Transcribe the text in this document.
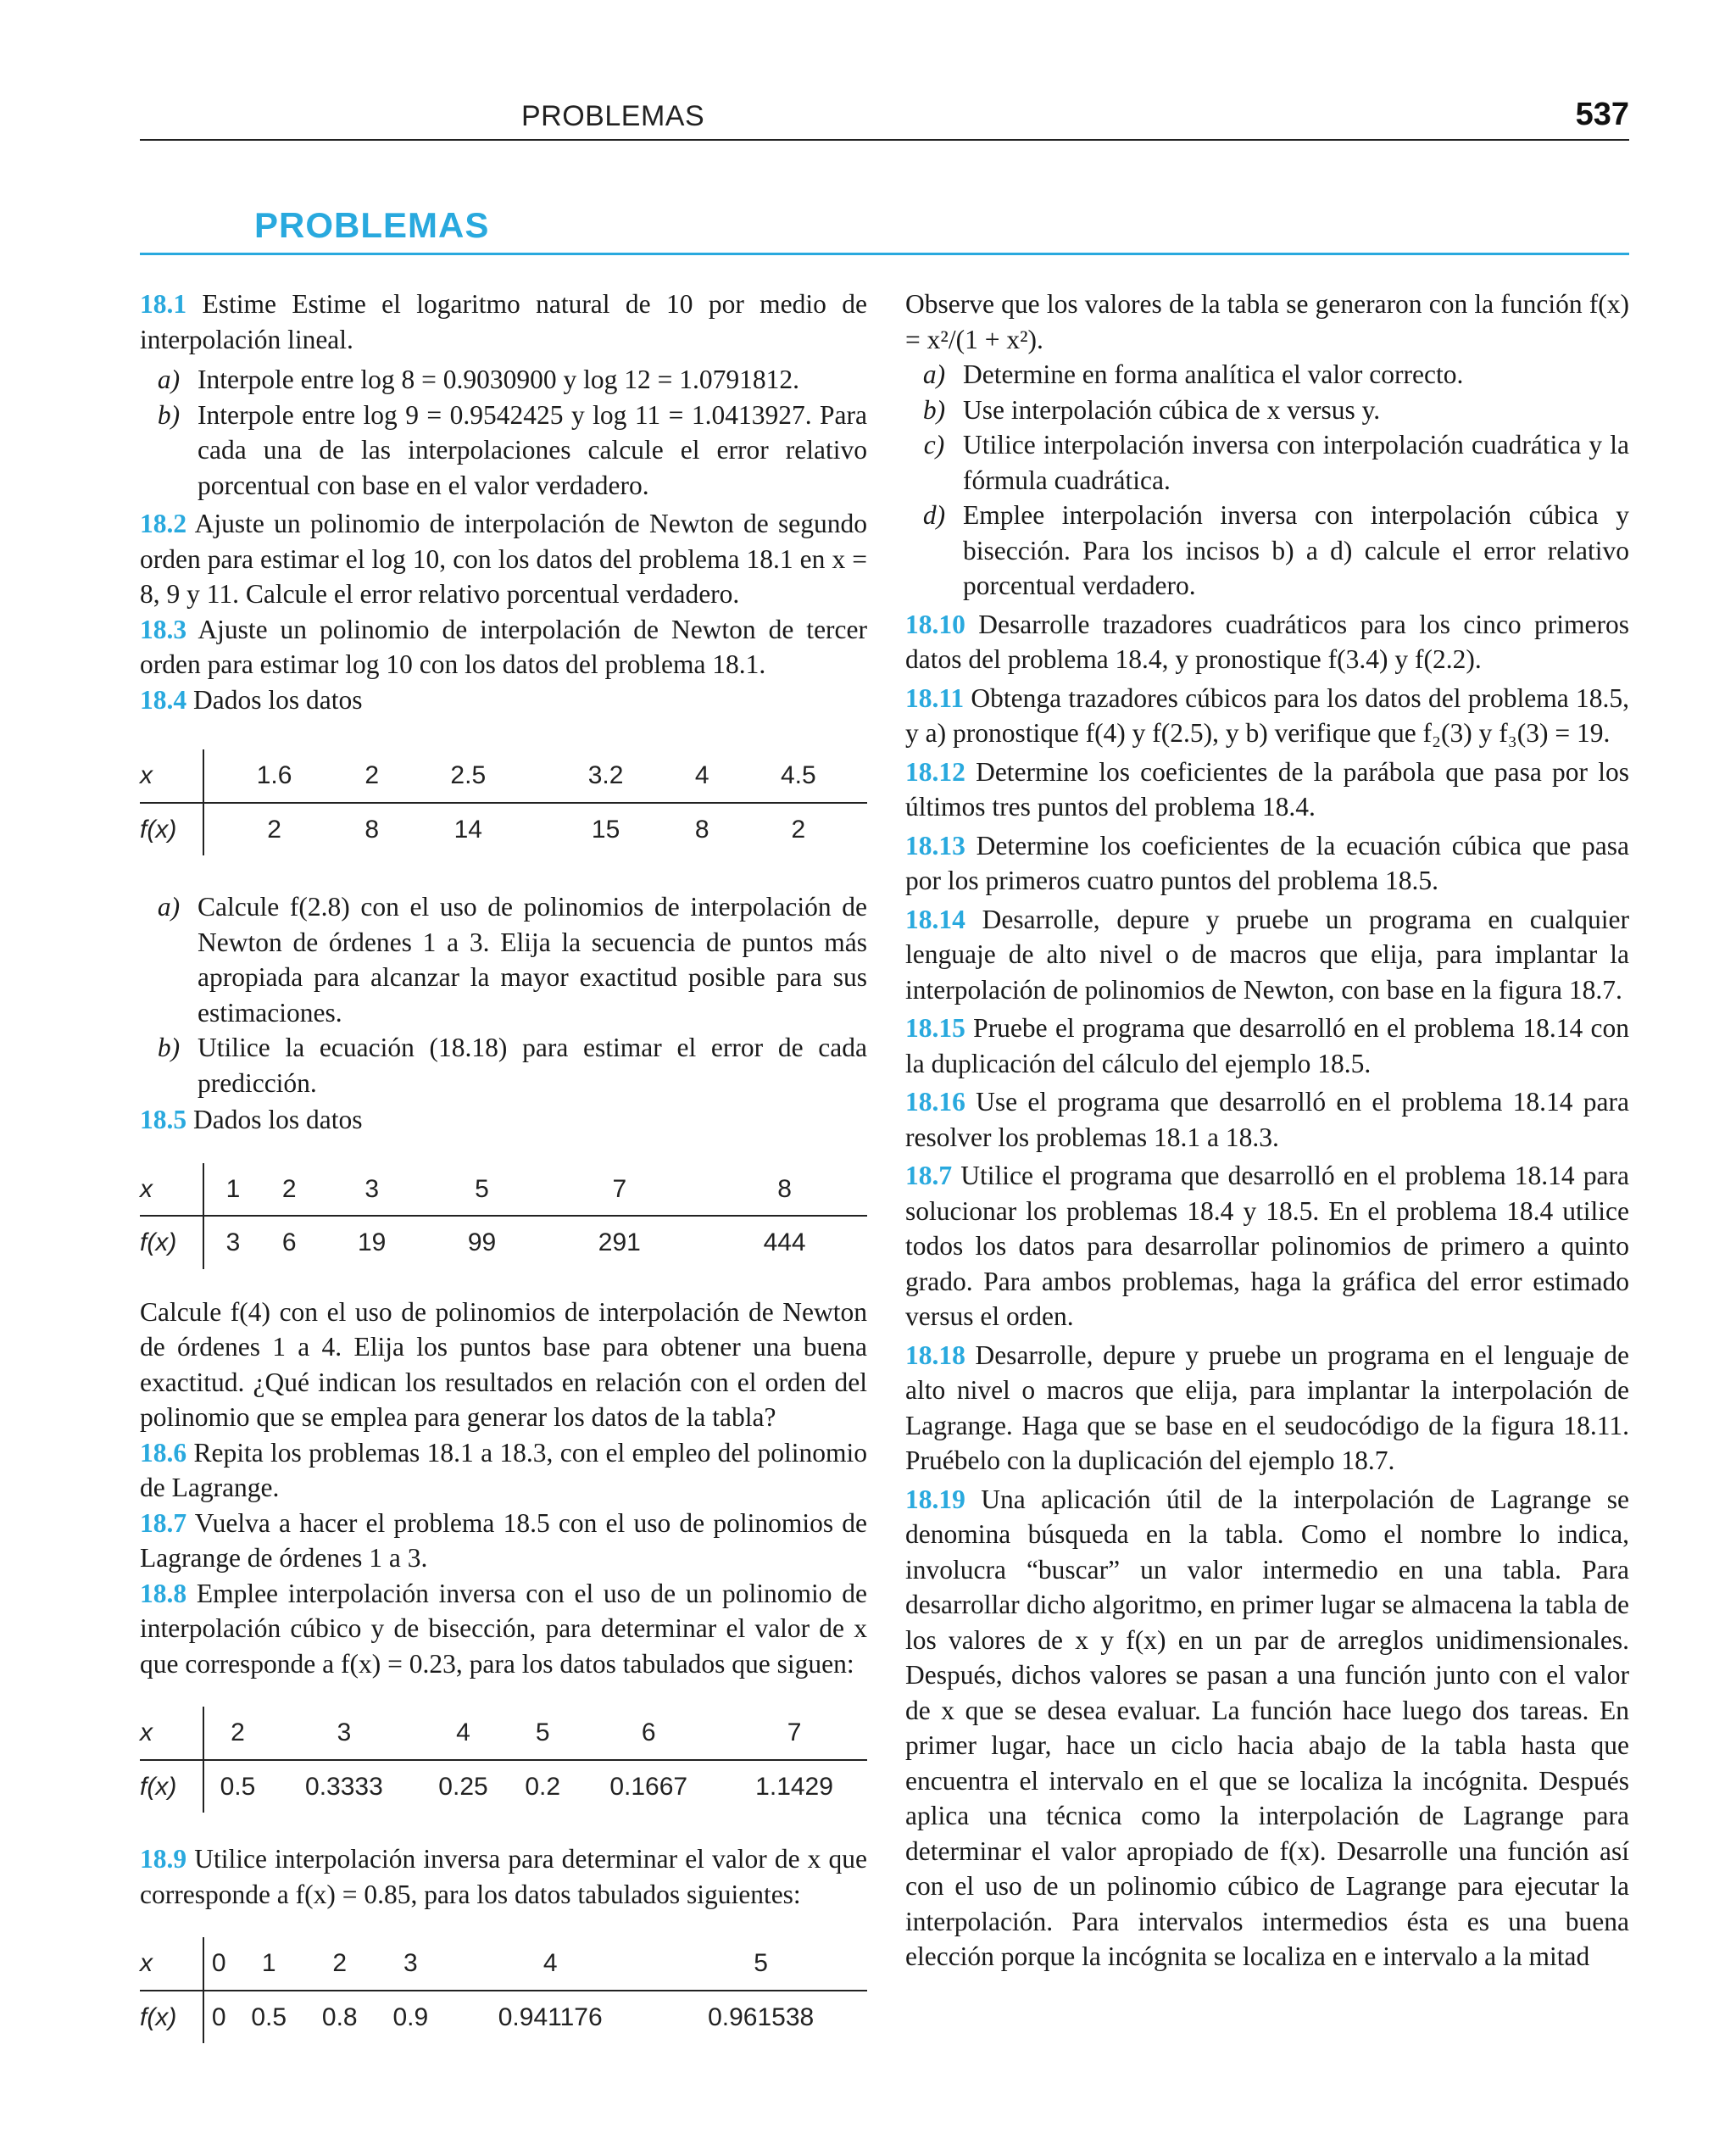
PROBLEMAS	537
PROBLEMAS

18.1 Estime Estime el logaritmo natural de 10 por medio de interpolación lineal.

a) Interpole entre log 8 = 0.9030900 y log 12 = 1.0791812.
b) Interpole entre log 9 = 0.9542425 y log 11 = 1.0413927. Para cada una de las interpolaciones calcule el error relativo porcentual con base en el valor verdadero.

18.2 Ajuste un polinomio de interpolación de Newton de segundo orden para estimar el log 10, con los datos del problema 18.1 en x = 8, 9 y 11. Calcule el error relativo porcentual verdadero.

18.3 Ajuste un polinomio de interpolación de Newton de tercer orden para estimar log 10 con los datos del problema 18.1.

18.4 Dados los datos

x	1.6	2	2.5	3.2	4	4.5
f(x)	2	8	14	15	8	2
a) Calcule f(2.8) con el uso de polinomios de interpolación de Newton de órdenes 1 a 3. Elija la secuencia de puntos más apropiada para alcanzar la mayor exactitud posible para sus estimaciones.
b) Utilice la ecuación (18.18) para estimar el error de cada predicción.

18.5 Dados los datos

x	1	2	3	5	7	8
f(x)	3	6	19	99	291	444

Calcule f(4) con el uso de polinomios de interpolación de Newton de órdenes 1 a 4. Elija los puntos base para obtener una buena exactitud. ¿Qué indican los resultados en relación con el orden del polinomio que se emplea para generar los datos de la tabla?

18.6 Repita los problemas 18.1 a 18.3, con el empleo del polinomio de Lagrange.

18.7 Vuelva a hacer el problema 18.5 con el uso de polinomios de Lagrange de órdenes 1 a 3.

18.8 Emplee interpolación inversa con el uso de un polinomio de interpolación cúbico y de bisección, para determinar el valor de x que corresponde a f(x) = 0.23, para los datos tabulados que siguen:

x	2	3	4	5	6	7
f(x)	0.5	0.3333	0.25	0.2	0.1667	1.1429

18.9 Utilice interpolación inversa para determinar el valor de x que corresponde a f(x) = 0.85, para los datos tabulados siguientes:

x	0	1	2	3	4	5
f(x)	0	0.5	0.8	0.9	0.941176	0.961538

Observe que los valores de la tabla se generaron con la función f(x) = x²/(1 + x²).

a) Determine en forma analítica el valor correcto.
b) Use interpolación cúbica de x versus y.
c) Utilice interpolación inversa con interpolación cuadrática y la fórmula cuadrática.
d) Emplee interpolación inversa con interpolación cúbica y bisección. Para los incisos b) a d) calcule el error relativo porcentual verdadero.

18.10 Desarrolle trazadores cuadráticos para los cinco primeros datos del problema 18.4, y pronostique f(3.4) y f(2.2).

18.11 Obtenga trazadores cúbicos para los datos del problema 18.5, y a) pronostique f(4) y f(2.5), y b) verifique que f₂(3) y f₃(3) = 19.

18.12 Determine los coeficientes de la parábola que pasa por los últimos tres puntos del problema 18.4.

18.13 Determine los coeficientes de la ecuación cúbica que pasa por los primeros cuatro puntos del problema 18.5.

18.14 Desarrolle, depure y pruebe un programa en cualquier lenguaje de alto nivel o de macros que elija, para implantar la interpolación de polinomios de Newton, con base en la figura 18.7.

18.15 Pruebe el programa que desarrolló en el problema 18.14 con la duplicación del cálculo del ejemplo 18.5.

18.16 Use el programa que desarrolló en el problema 18.14 para resolver los problemas 18.1 a 18.3.

18.7 Utilice el programa que desarrolló en el problema 18.14 para solucionar los problemas 18.4 y 18.5. En el problema 18.4 utilice todos los datos para desarrollar polinomios de primero a quinto grado. Para ambos problemas, haga la gráfica del error estimado versus el orden.

18.18 Desarrolle, depure y pruebe un programa en el lenguaje de alto nivel o macros que elija, para implantar la interpolación de Lagrange. Haga que se base en el seudocódigo de la figura 18.11. Pruébelo con la duplicación del ejemplo 18.7.

18.19 Una aplicación útil de la interpolación de Lagrange se denomina búsqueda en la tabla. Como el nombre lo indica, involucra “buscar” un valor intermedio en una tabla. Para desarrollar dicho algoritmo, en primer lugar se almacena la tabla de los valores de x y f(x) en un par de arreglos unidimensionales. Después, dichos valores se pasan a una función junto con el valor de x que se desea evaluar. La función hace luego dos tareas. En primer lugar, hace un ciclo hacia abajo de la tabla hasta que encuentra el intervalo en el que se localiza la incógnita. Después aplica una técnica como la interpolación de Lagrange para determinar el valor apropiado de f(x). Desarrolle una función así con el uso de un polinomio cúbico de Lagrange para ejecutar la interpolación. Para intervalos intermedios ésta es una buena elección porque la incógnita se localiza en e intervalo a la mitad
